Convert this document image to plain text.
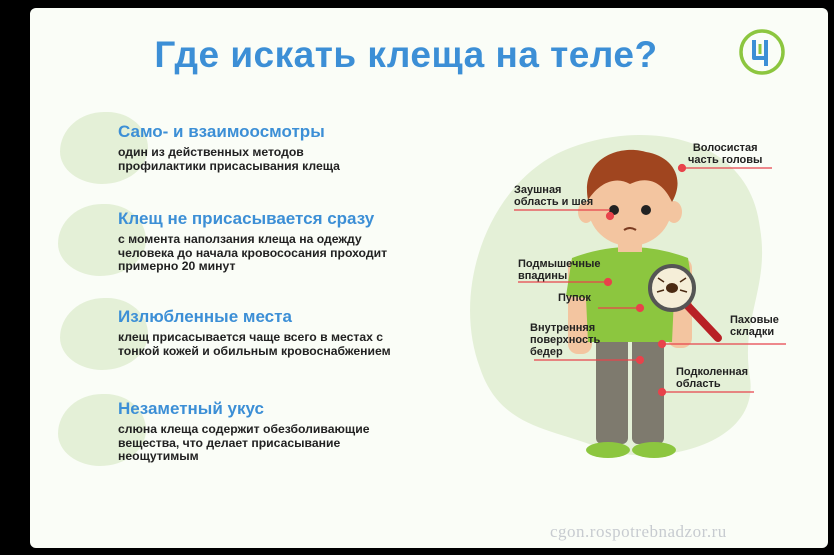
Где искать клеща на теле?
Само- и взаимоосмотры

один из действенных методов
профилактики присасывания клеща

Клещ не присасывается сразу

с момента наползания клеща на одежду
человека до начала кровососания проходит
примерно 20 минут

Излюбленные места

клещ присасывается чаще всего в местах с
тонкой кожей и обильным кровоснабжением

Незаметный укус

слюна клеща содержит обезболивающие
вещества, что делает присасывание
неощутимым

Волосистая
часть головы
Заушная
область и шея
Подмышечные
впадины
Пупок
Паховые
складки
Внутренняя
поверхность
бедер
Подколенная
область
cgon.rospotrebnadzor.ru
